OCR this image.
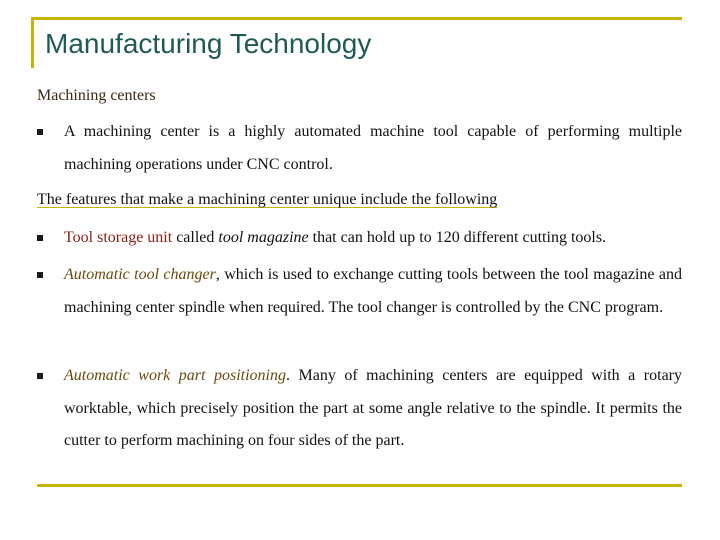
Manufacturing Technology
Machining centers
A machining center is a highly automated machine tool capable of performing multiple machining operations under CNC control.
The features that make a machining center unique include the following
Tool storage unit called tool magazine that can hold up to 120 different cutting tools.
Automatic tool changer, which is used to exchange cutting tools between the tool magazine and machining center spindle when required. The tool changer is controlled by the CNC program.
Automatic work part positioning. Many of machining centers are equipped with a rotary worktable, which precisely position the part at some angle relative to the spindle. It permits the cutter to perform machining on four sides of the part.
